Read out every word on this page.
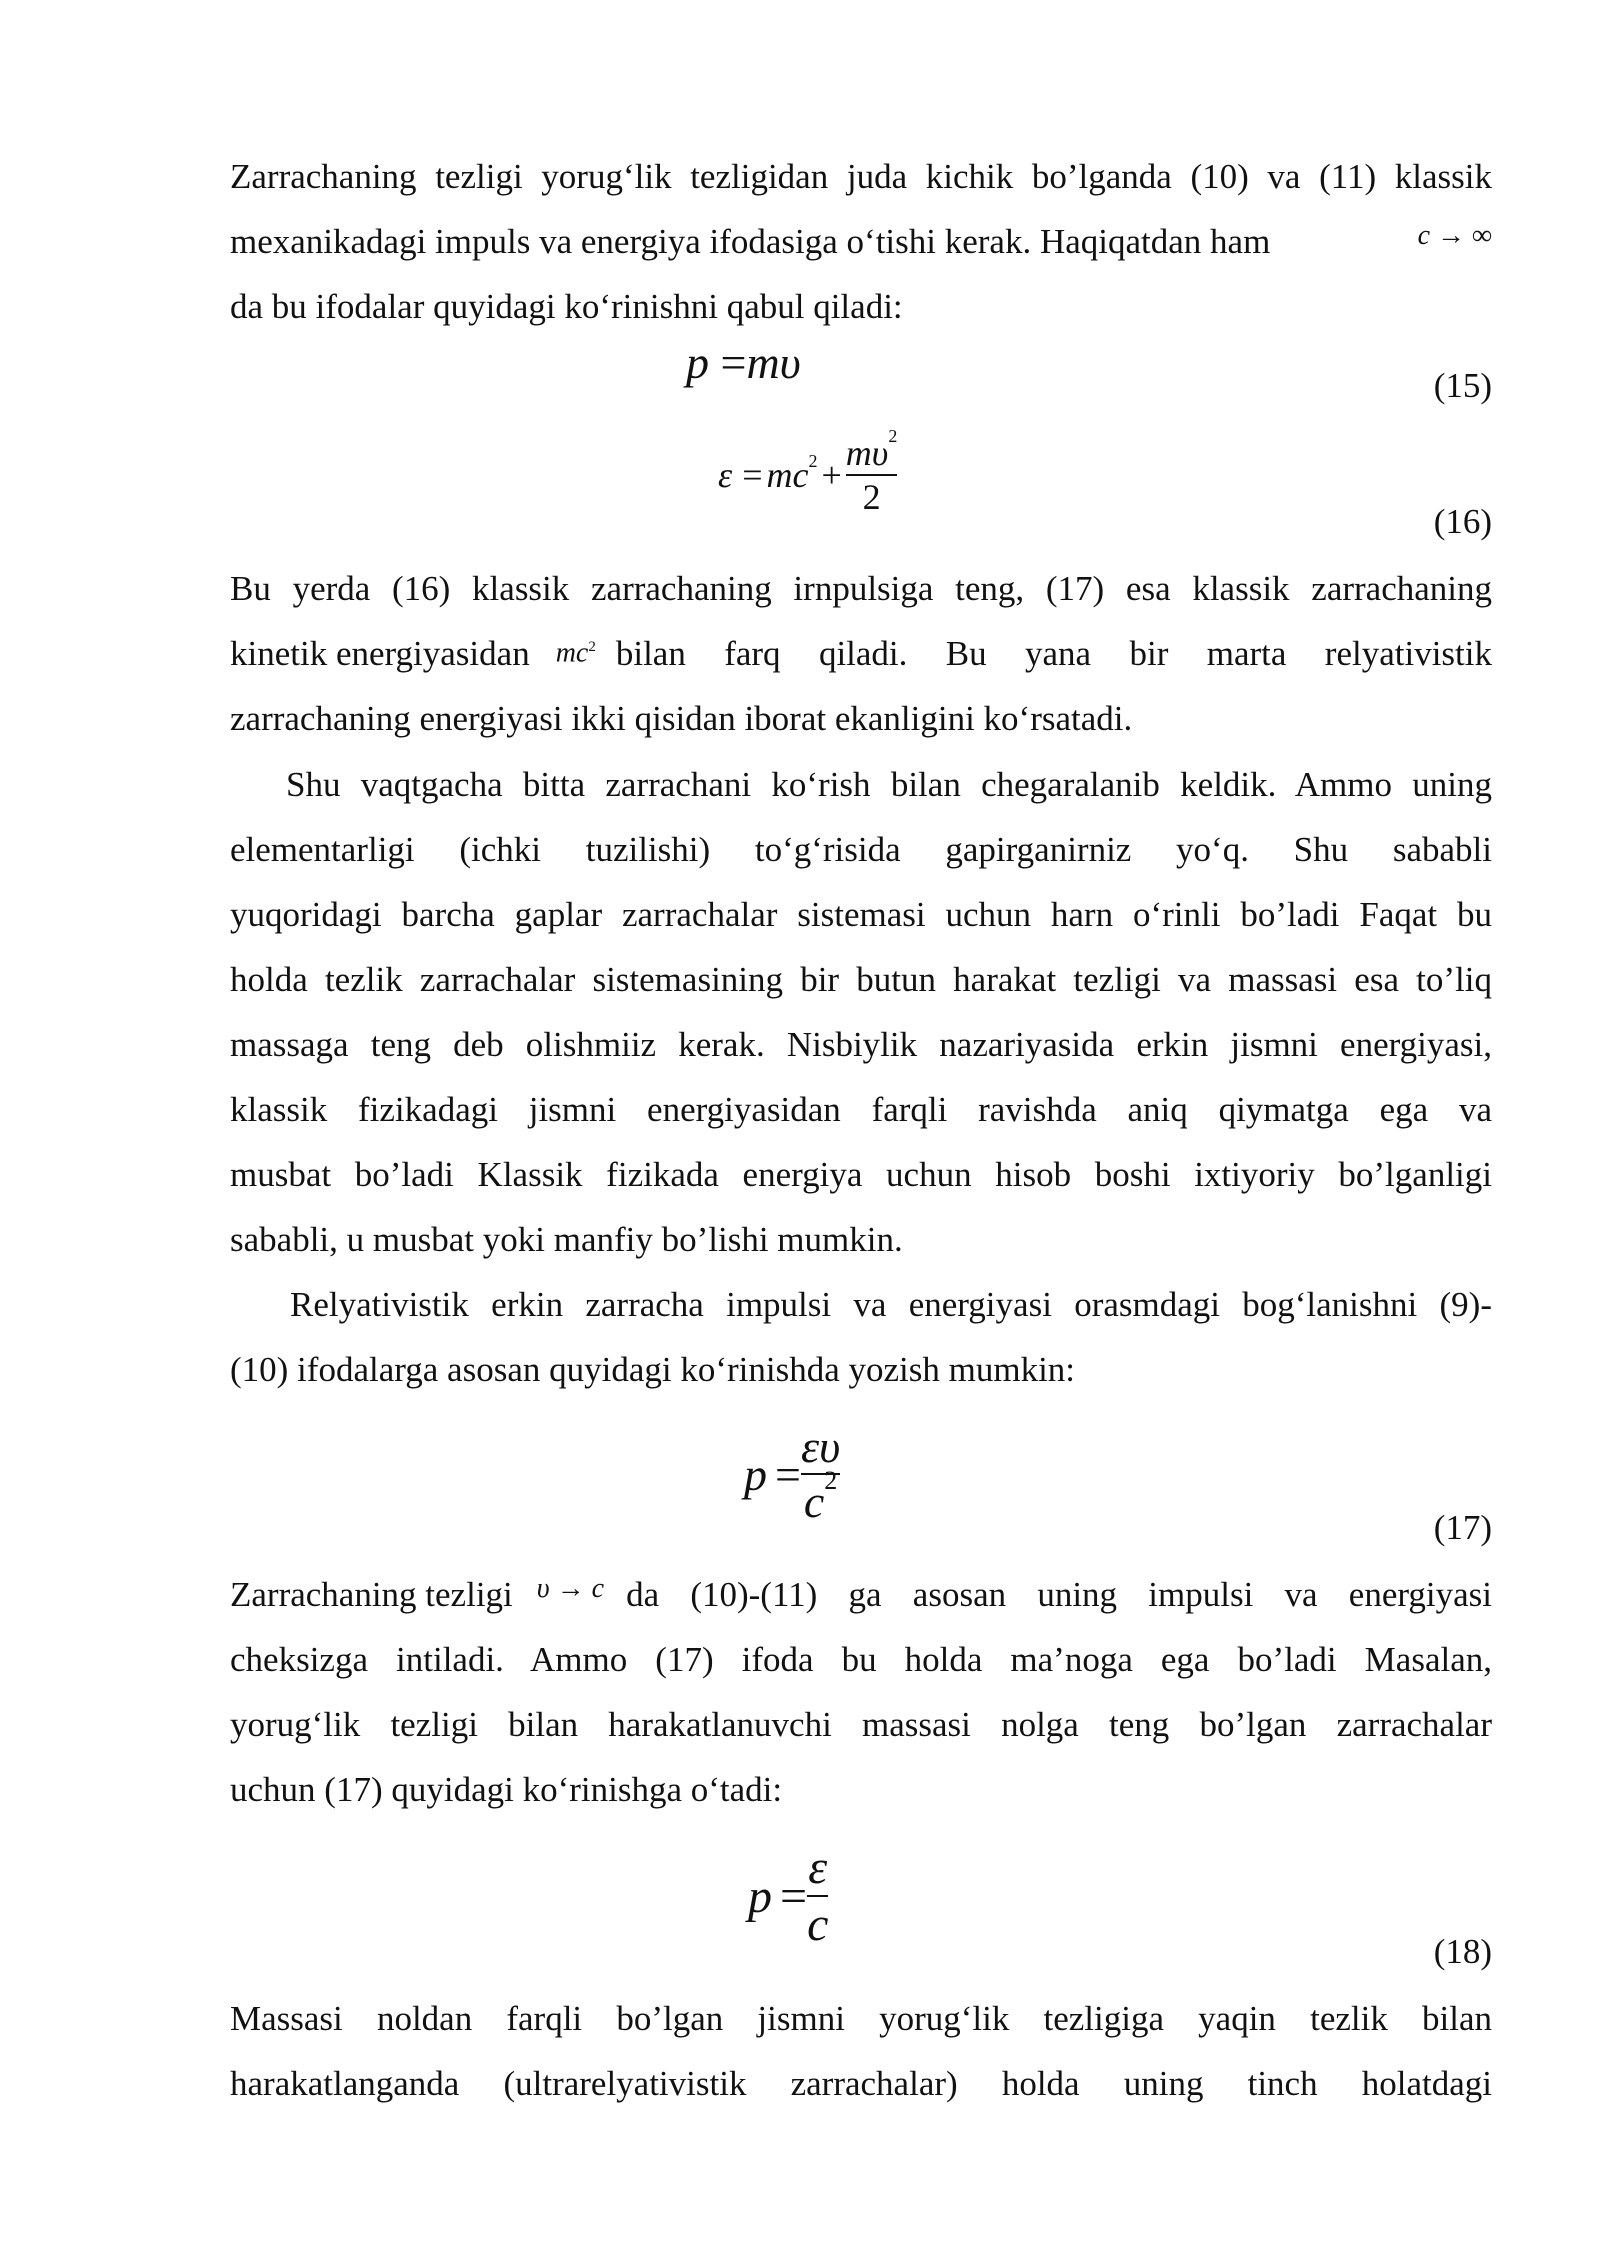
Zarrachaning tezligi yorug‘lik tezligidan juda kichik bo’lganda (10) va (11) klassik
mexanikadagi impuls va energiya ifodasiga o‘tishi kerak. Haqiqatdan ham	c → ∞
da bu ifodalar quyidagi ko‘rinishni qabul qiladi:
p =mυ	(15)
ε = mc $2 + \frac{m\upsilon^2}{2}$
(16)
Bu yerda (16) klassik zarrachaning irnpulsiga teng, (17) esa klassik zarrachaning
kinetik energiyasidan $mc^2$ bilan farq qiladi. Bu yana bir marta relyativistik
zarrachaning energiyasi ikki qisidan iborat ekanligini ko‘rsatadi.
Shu vaqtgacha bitta zarrachani ko‘rish bilan chegaralanib keldik. Ammo uning
elementarligi (ichki tuzilishi) to‘g‘risida gapirganirniz yo‘q. Shu sababli
yuqoridagi barcha gaplar zarrachalar sistemasi uchun harn o‘rinli bo’ladi Faqat bu
holda tezlik zarrachalar sistemasining bir butun harakat tezligi va massasi esa to’liq
massaga teng deb olishmiiz kerak. Nisbiylik nazariyasida erkin jismni energiyasi,
klassik fizikadagi jismni energiyasidan farqli ravishda aniq qiymatga ega va
musbat bo’ladi Klassik fizikada energiya uchun hisob boshi ixtiyoriy bo’lganligi
sababli, u musbat yoki manfiy bo’lishi mumkin.
Relyativistik erkin zarracha impulsi va energiyasi orasmdagi bog‘lanishni (9)-
(10) ifodalarga asosan quyidagi ko‘rinishda yozish mumkin:
$p = \frac{\varepsilon\upsilon}{c^2}$	(17)
Zarrachaning tezligi υ → c da (10)-(11) ga asosan uning impulsi va energiyasi
cheksizga intiladi. Ammo (17) ifoda bu holda ma’noga ega bo’ladi Masalan,
yorug‘lik tezligi bilan harakatlanuvchi massasi nolga teng bo’lgan zarrachalar
uchun (17) quyidagi ko‘rinishga o‘tadi:
$p = \frac{\varepsilon}{c}$	(18)
Massasi noldan farqli bo’lgan jismni yorug‘lik tezligiga yaqin tezlik bilan
harakatlanganda (ultrarelyativistik zarrachalar) holda uning tinch holatdagi
